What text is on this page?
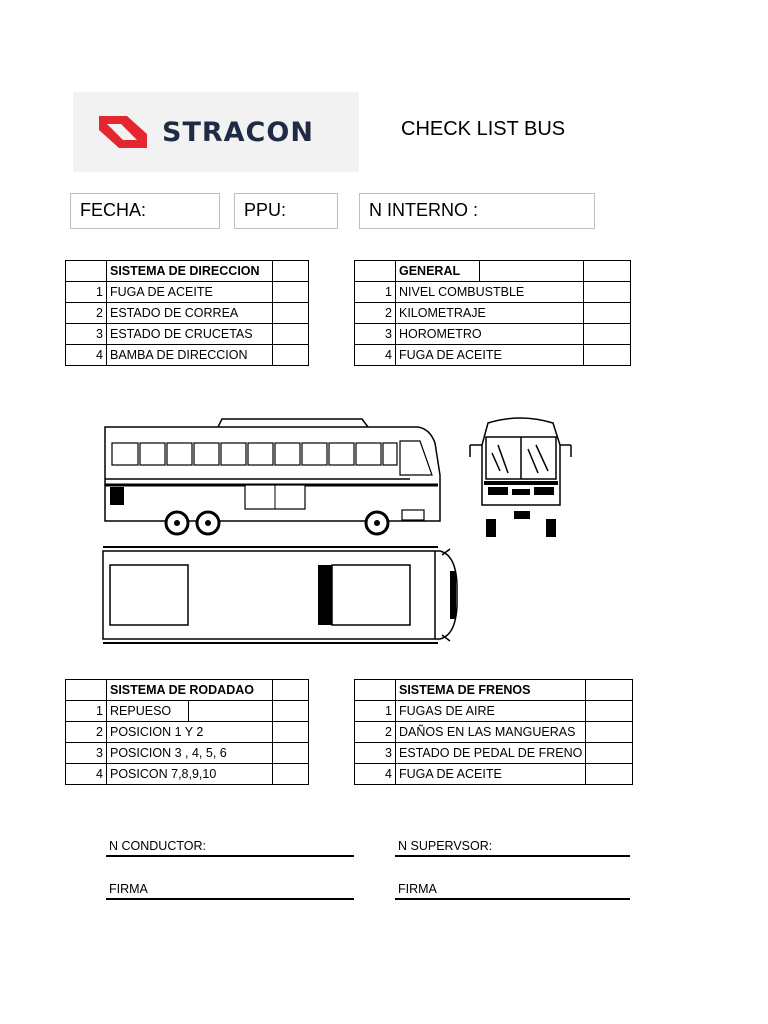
STRACON	CHECK LIST BUS
FECHA:	PPU:	N INTERNO :
	SISTEMA DE DIRECCION	
1	FUGA DE ACEITE	
2	ESTADO DE CORREA	
3	ESTADO DE CRUCETAS	
4	BAMBA DE DIRECCION	
	GENERAL		
1	NIVEL COMBUSTBLE		
2	KILOMETRAJE		
3	HOROMETRO		
4	FUGA DE ACEITE		
	SISTEMA DE RODADAO		
1	REPUESO		
2	POSICION 1 Y 2		
3	POSICION 3 , 4, 5, 6		
4	POSICON 7,8,9,10		
	SISTEMA DE FRENOS	
1	FUGAS DE AIRE	
2	DAÑOS EN LAS MANGUERAS	
3	ESTADO DE PEDAL DE FRENO	
4	FUGA DE ACEITE	
N CONDUCTOR:	N SUPERVSOR:
FIRMA	FIRMA
